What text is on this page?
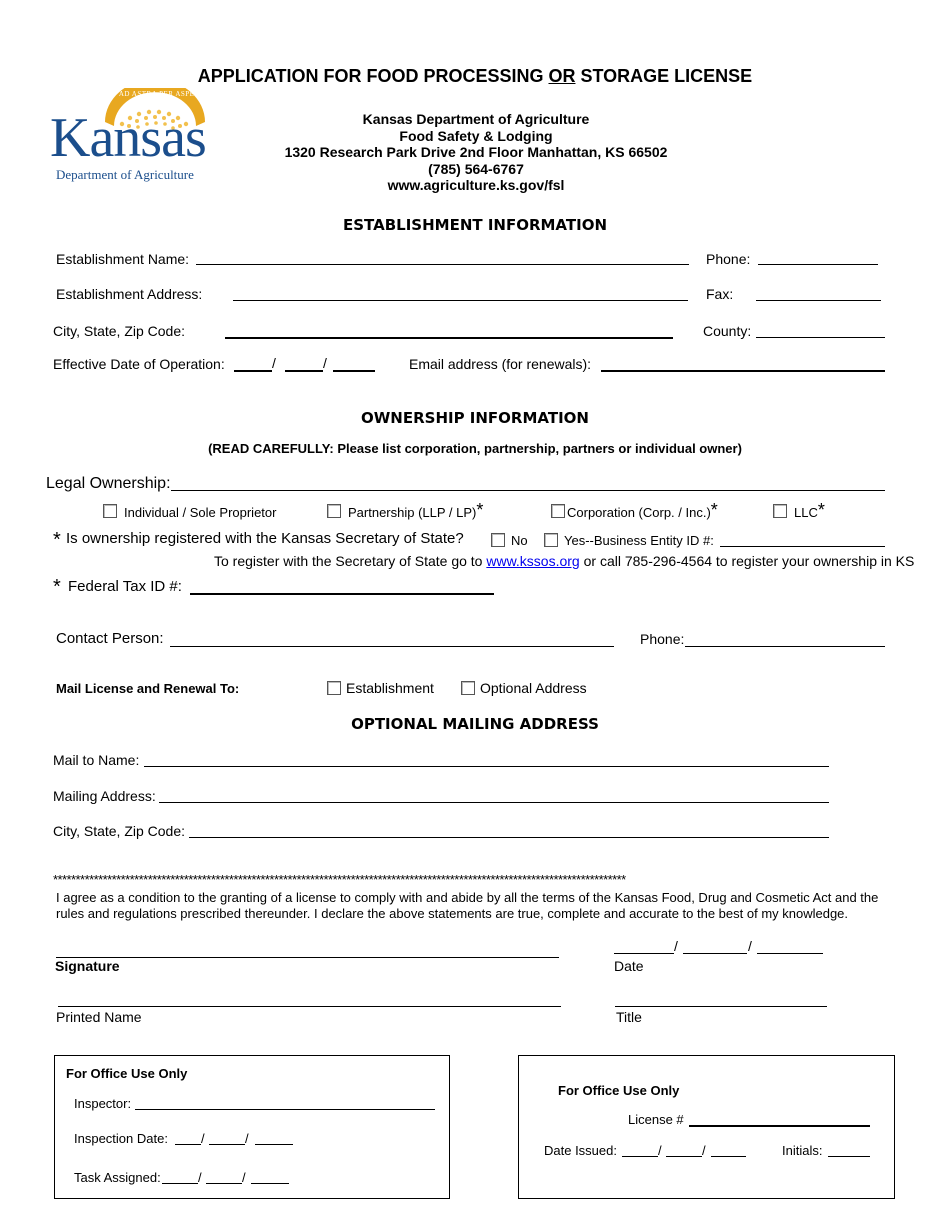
APPLICATION FOR FOOD PROCESSING OR STORAGE LICENSE
AD ASTRA PER ASPERA
Kansas
Department of Agriculture
Kansas Department of Agriculture
Food Safety & Lodging
1320 Research Park Drive 2nd Floor Manhattan, KS 66502
(785) 564-6767
www.agriculture.ks.gov/fsl
ESTABLISHMENT INFORMATION
Establishment Name:	Phone:
Establishment Address:	Fax:
City, State, Zip Code:	County:
Effective Date of Operation:	/	/	Email address (for renewals):
OWNERSHIP INFORMATION
(READ CAREFULLY: Please list corporation, partnership, partners or individual owner)
Legal Ownership:
Individual / Sole Proprietor	Partnership (LLP / LP)*	Corporation (Corp. / Inc.)*	LLC*
* Is ownership registered with the Kansas Secretary of State?	No	Yes--Business Entity ID #:
To register with the Secretary of State go to www.kssos.org or call 785-296-4564 to register your ownership in KS
* Federal Tax ID #:
Contact Person:	Phone:
Mail License and Renewal To:	Establishment	Optional Address
OPTIONAL MAILING ADDRESS
Mail to Name:
Mailing Address:
City, State, Zip Code:
*******************************************************************************************************************************
I agree as a condition to the granting of a license to comply with and abide by all the terms of the Kansas Food, Drug and Cosmetic Act and the rules and regulations prescribed thereunder. I declare the above statements are true, complete and accurate to the best of my knowledge.
Signature
/	/
Date
Printed Name	Title
For Office Use Only
Inspector:
Inspection Date:	/	/
Task Assigned:	/	/
For Office Use Only
License #
Date Issued:	/	/	Initials:
